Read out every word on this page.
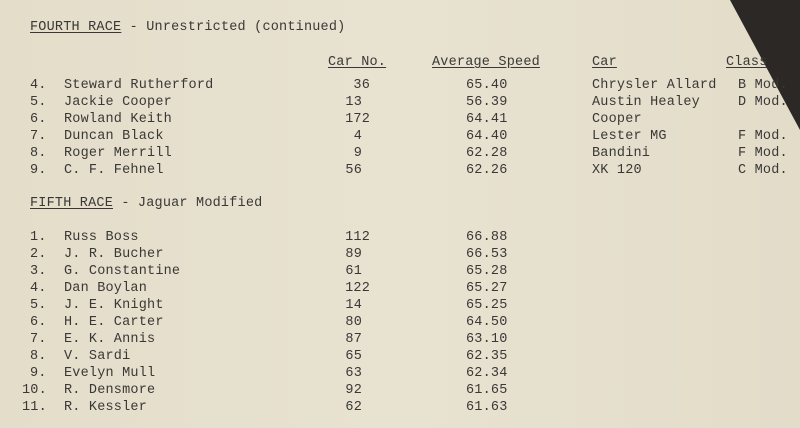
FOURTH RACE - Unrestricted (continued)
Car No.	Average Speed	Car	Class
4. Steward Rutherford	36	65.40	Chrysler Allard B Mod.
5. Jackie Cooper	13	56.39	Austin Healey	D Mod.
6. Rowland Keith	172	64.41	Cooper
7. Duncan Black	4	64.40	Lester MG	F Mod.
8. Roger Merrill	9	62.28	Bandini	F Mod.
9. C. F. Fehnel	56	62.26	XK 120	C Mod.
FIFTH RACE - Jaguar Modified
1. Russ Boss	112	66.88
2. J. R. Bucher	89	66.53
3. G. Constantine	61	65.28
4. Dan Boylan	122	65.27
5. J. E. Knight	14	65.25
6. H. E. Carter	80	64.50
7. E. K. Annis	87	63.10
8. V. Sardi	65	62.35
9. Evelyn Mull	63	62.34
10. R. Densmore	92	61.65
11. R. Kessler	62	61.63
